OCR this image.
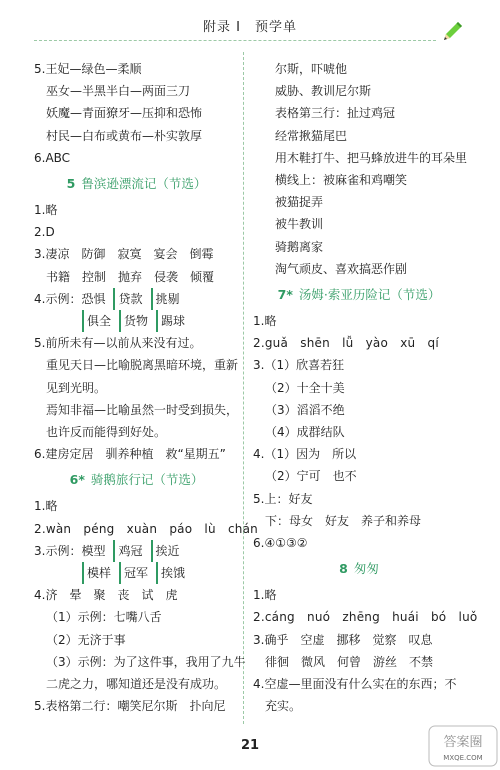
附录 I　预学单
5.王妃—绿色—柔顺
巫女—半黑半白—两面三刀
妖魔—青面獠牙—压抑和恐怖
村民—白布或黄布—朴实敦厚
6.ABC
5 鲁滨逊漂流记（节选）
1.略
2.D
3.凄凉　防御　寂寞　宴会　倒霉
书籍　控制　抛弃　侵袭　倾覆
4.示例：恐惧 贷款 挑剔
俱全 货物 踢球
5.前所未有—以前从来没有过。
重见天日—比喻脱离黑暗环境，重新
见到光明。
焉知非福—比喻虽然一时受到损失，
也许反而能得到好处。
6.建房定居　驯养种植　救“星期五”
6* 骑鹅旅行记（节选）
1.略
2.wàn　péng　xuàn　páo　lù　chán
3.示例：模型 鸡冠 挨近
模样 冠军 挨饿
4.济　晕　聚　丧　试　虎
（1）示例：七嘴八舌
（2）无济于事
（3）示例：为了这件事，我用了九牛
二虎之力，哪知道还是没有成功。
5.表格第二行：嘲笑尼尔斯　扑向尼
尔斯，吓唬他
威胁、教训尼尔斯
表格第三行：扯过鸡冠
经常揪猫尾巴
用木鞋打牛、把马蜂放进牛的耳朵里
横线上：被麻雀和鸡嘲笑
被猫捉弄
被牛教训
骑鹅离家
淘气顽皮、喜欢搞恶作剧
7* 汤姆·索亚历险记（节选）
1.略
2.guǎ　shēn　lǚ　yào　xū　qí
3.（1）欣喜若狂
（2）十全十美
（3）滔滔不绝
（4）成群结队
4.（1）因为　所以
（2）宁可　也不
5.上：好友
下：母女　好友　养子和养母
6.④①③②
8 匆匆
1.略
2.cáng　nuó　zhēng　huái　bó　luǒ
3.确乎　空虚　挪移　觉察　叹息
徘徊　微风　何曾　游丝　不禁
4.空虚—里面没有什么实在的东西；不
充实。
21	答案圈
MXQE.COM
